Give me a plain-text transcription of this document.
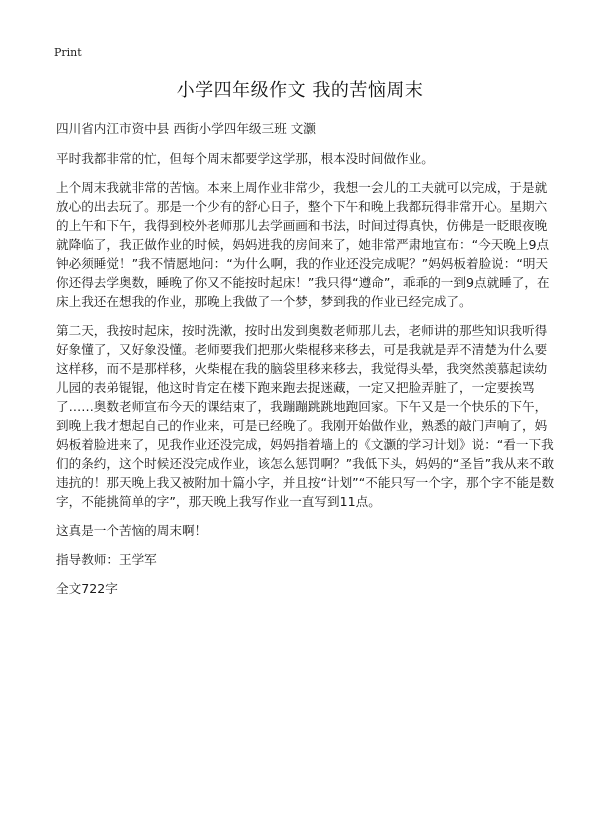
Print
小学四年级作文 我的苦恼周末

四川省内江市资中县 西街小学四年级三班 文灏

平时我都非常的忙，但每个周末都要学这学那，根本没时间做作业。

上个周末我就非常的苦恼。本来上周作业非常少，我想一会儿的工夫就可以完成，于是就放心的出去玩了。那是一个少有的舒心日子，整个下午和晚上我都玩得非常开心。星期六的上午和下午，我得到校外老师那儿去学画画和书法，时间过得真快，仿佛是一眨眼夜晚就降临了，我正做作业的时候，妈妈进我的房间来了，她非常严肃地宣布：“今天晚上9点钟必须睡觉！”我不情愿地问：“为什么啊，我的作业还没完成呢？”妈妈板着脸说：“明天你还得去学奥数，睡晚了你又不能按时起床！”我只得“遵命”，乖乖的一到9点就睡了，在床上我还在想我的作业，那晚上我做了一个梦，梦到我的作业已经完成了。

第二天，我按时起床，按时洗漱，按时出发到奥数老师那儿去，老师讲的那些知识我听得好象懂了，又好象没懂。老师要我们把那火柴棍移来移去，可是我就是弄不清楚为什么要这样移，而不是那样移，火柴棍在我的脑袋里移来移去，我觉得头晕，我突然羡慕起读幼儿园的表弟锟锟，他这时肯定在楼下跑来跑去捉迷藏，一定又把脸弄脏了，一定要挨骂了……奥数老师宣布今天的课结束了，我蹦蹦跳跳地跑回家。下午又是一个快乐的下午，到晚上我才想起自己的作业来，可是已经晚了。我刚开始做作业，熟悉的敲门声响了，妈妈板着脸进来了，见我作业还没完成，妈妈指着墙上的《文灏的学习计划》说：“看一下我们的条约，这个时候还没完成作业，该怎么惩罚啊？”我低下头，妈妈的“圣旨”我从来不敢违抗的！那天晚上我又被附加十篇小字，并且按“计划”“不能只写一个字，那个字不能是数字，不能挑简单的字”，那天晚上我写作业一直写到11点。

这真是一个苦恼的周末啊！

指导教师：王学军

全文722字
